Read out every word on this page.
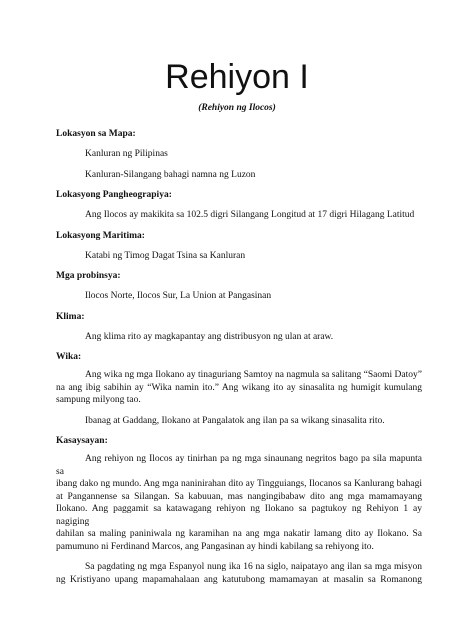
Rehiyon I
(Rehiyon ng Ilocos)
Lokasyon sa Mapa:
Kanluran ng Pilipinas
Kanluran-Silangang bahagi namna ng Luzon
Lokasyong Pangheograpiya:
Ang Ilocos ay makikita sa 102.5 digri Silangang Longitud at 17 digri Hilagang Latitud
Lokasyong Maritima:
Katabi ng Timog Dagat Tsina sa Kanluran
Mga probinsya:
Ilocos Norte, Ilocos Sur, La Union at Pangasinan
Klima:
Ang klima rito ay magkapantay ang distribusyon ng ulan at araw.
Wika:
Ang wika ng mga Ilokano ay tinaguriang Samtoy na nagmula sa salitang “Saomi Datoy”
na ang ibig sabihin ay “Wika namin ito.” Ang wikang ito ay sinasalita ng humigit kumulang
sampung milyong tao.
Ibanag at Gaddang, Ilokano at Pangalatok ang ilan pa sa wikang sinasalita rito.
Kasaysayan:
Ang rehiyon ng Ilocos ay tinirhan pa ng mga sinaunang negritos bago pa sila mapunta sa
ibang dako ng mundo. Ang mga naninirahan dito ay Tingguiangs, Ilocanos sa Kanlurang bahagi
at Pangannense sa Silangan. Sa kabuuan, mas nangingibabaw dito ang mga mamamayang
Ilokano. Ang paggamit sa katawagang rehiyon ng Ilokano sa pagtukoy ng Rehiyon 1 ay nagiging
dahilan sa maling paniniwala ng karamihan na ang mga nakatir lamang dito ay Ilokano. Sa
pamumuno ni Ferdinand Marcos, ang Pangasinan ay hindi kabilang sa rehiyong ito.
Sa pagdating ng mga Espanyol nung ika 16 na siglo, naipatayo ang ilan sa mga misyon
ng Kristiyano upang mapamahalaan ang katutubong mamamayan at masalin sa Romanong
